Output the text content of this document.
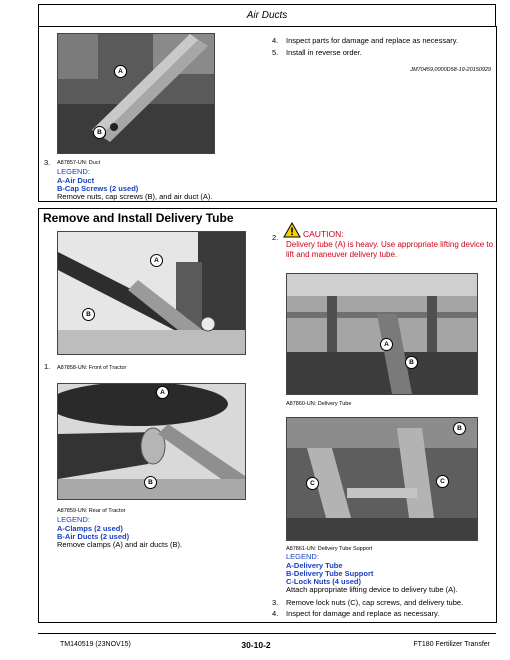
Air Ducts
A
B
4. Inspect parts for damage and replace as necessary.
5. Install in reverse order.
JM70459,0000D58-19-20150929
3. A87857-UN: Duct
LEGEND:
A-Air Duct
B-Cap Screws (2 used)
Remove nuts, cap screws (B), and air duct (A).
Remove and Install Delivery Tube
A
B
1. A87858-UN: Front of Tractor
A
B
A87859-UN: Rear of Tractor
LEGEND:
A-Clamps (2 used)
B-Air Ducts (2 used)
Remove clamps (A) and air ducts (B).
2.	CAUTION:
Delivery tube (A) is heavy. Use appropriate lifting device to lift and maneuver delivery tube.
A
B
A87860-UN: Delivery Tube
B
C	C
A87861-UN: Delivery Tube Support
LEGEND:
A-Delivery Tube
B-Delivery Tube Support
C-Lock Nuts (4 used)
Attach appropriate lifting device to delivery tube (A).
3. Remove lock nuts (C), cap screws, and delivery tube.
4. Inspect for damage and replace as necessary.
TM140519 (23NOV15)	30-10-2	FT180 Fertilizer Transfer
